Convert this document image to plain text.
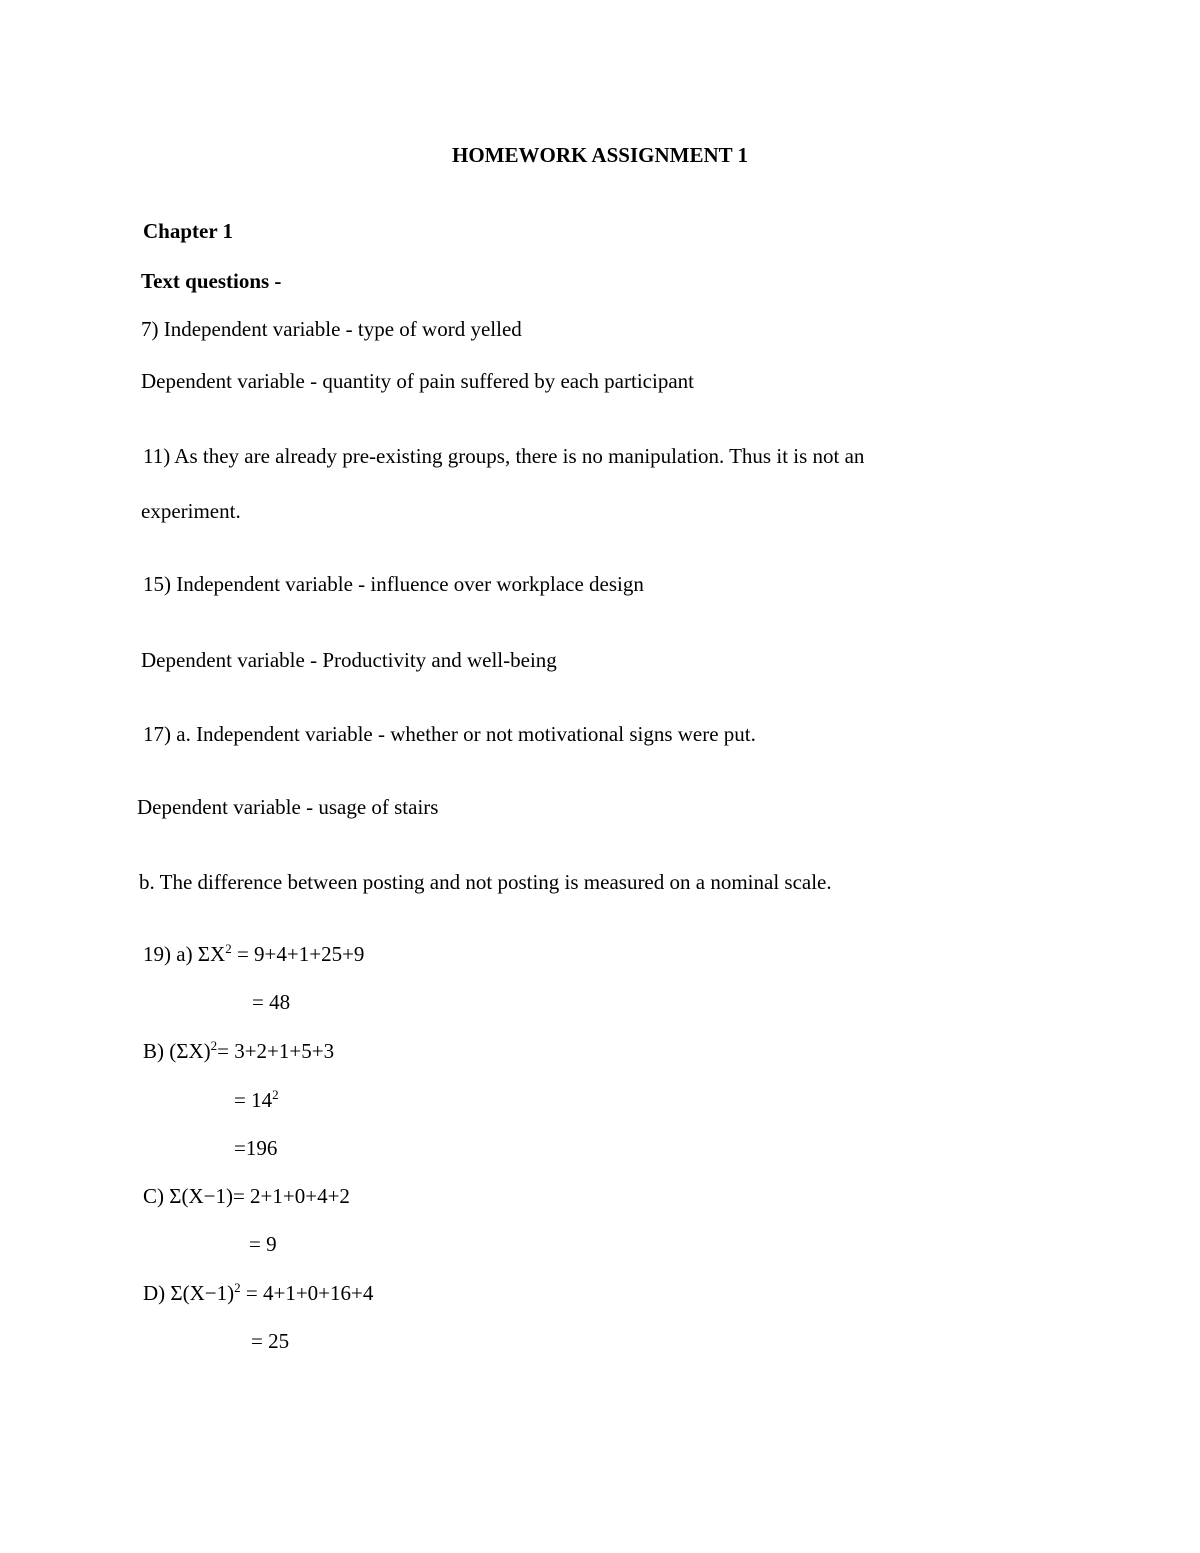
HOMEWORK ASSIGNMENT 1
Chapter 1
Text questions -
7) Independent variable - type of word yelled
Dependent variable - quantity of pain suffered by each participant
11) As they are already pre-existing groups, there is no manipulation. Thus it is not an
experiment.
15) Independent variable - influence over workplace design
Dependent variable - Productivity and well-being
17) a. Independent variable - whether or not motivational signs were put.
Dependent variable - usage of stairs
b. The difference between posting and not posting is measured on a nominal scale.
19) a) $\Sigma X^2 = 9+4+1+25+9$
= 48
B) $(\Sigma X)^2= 3+2+1+5+3$
= $14^2$
=196
C) Σ(X−1)= 2+1+0+4+2
= 9
D) $\Sigma(X-1)^2 = 4+1+0+16+4$
= 25
